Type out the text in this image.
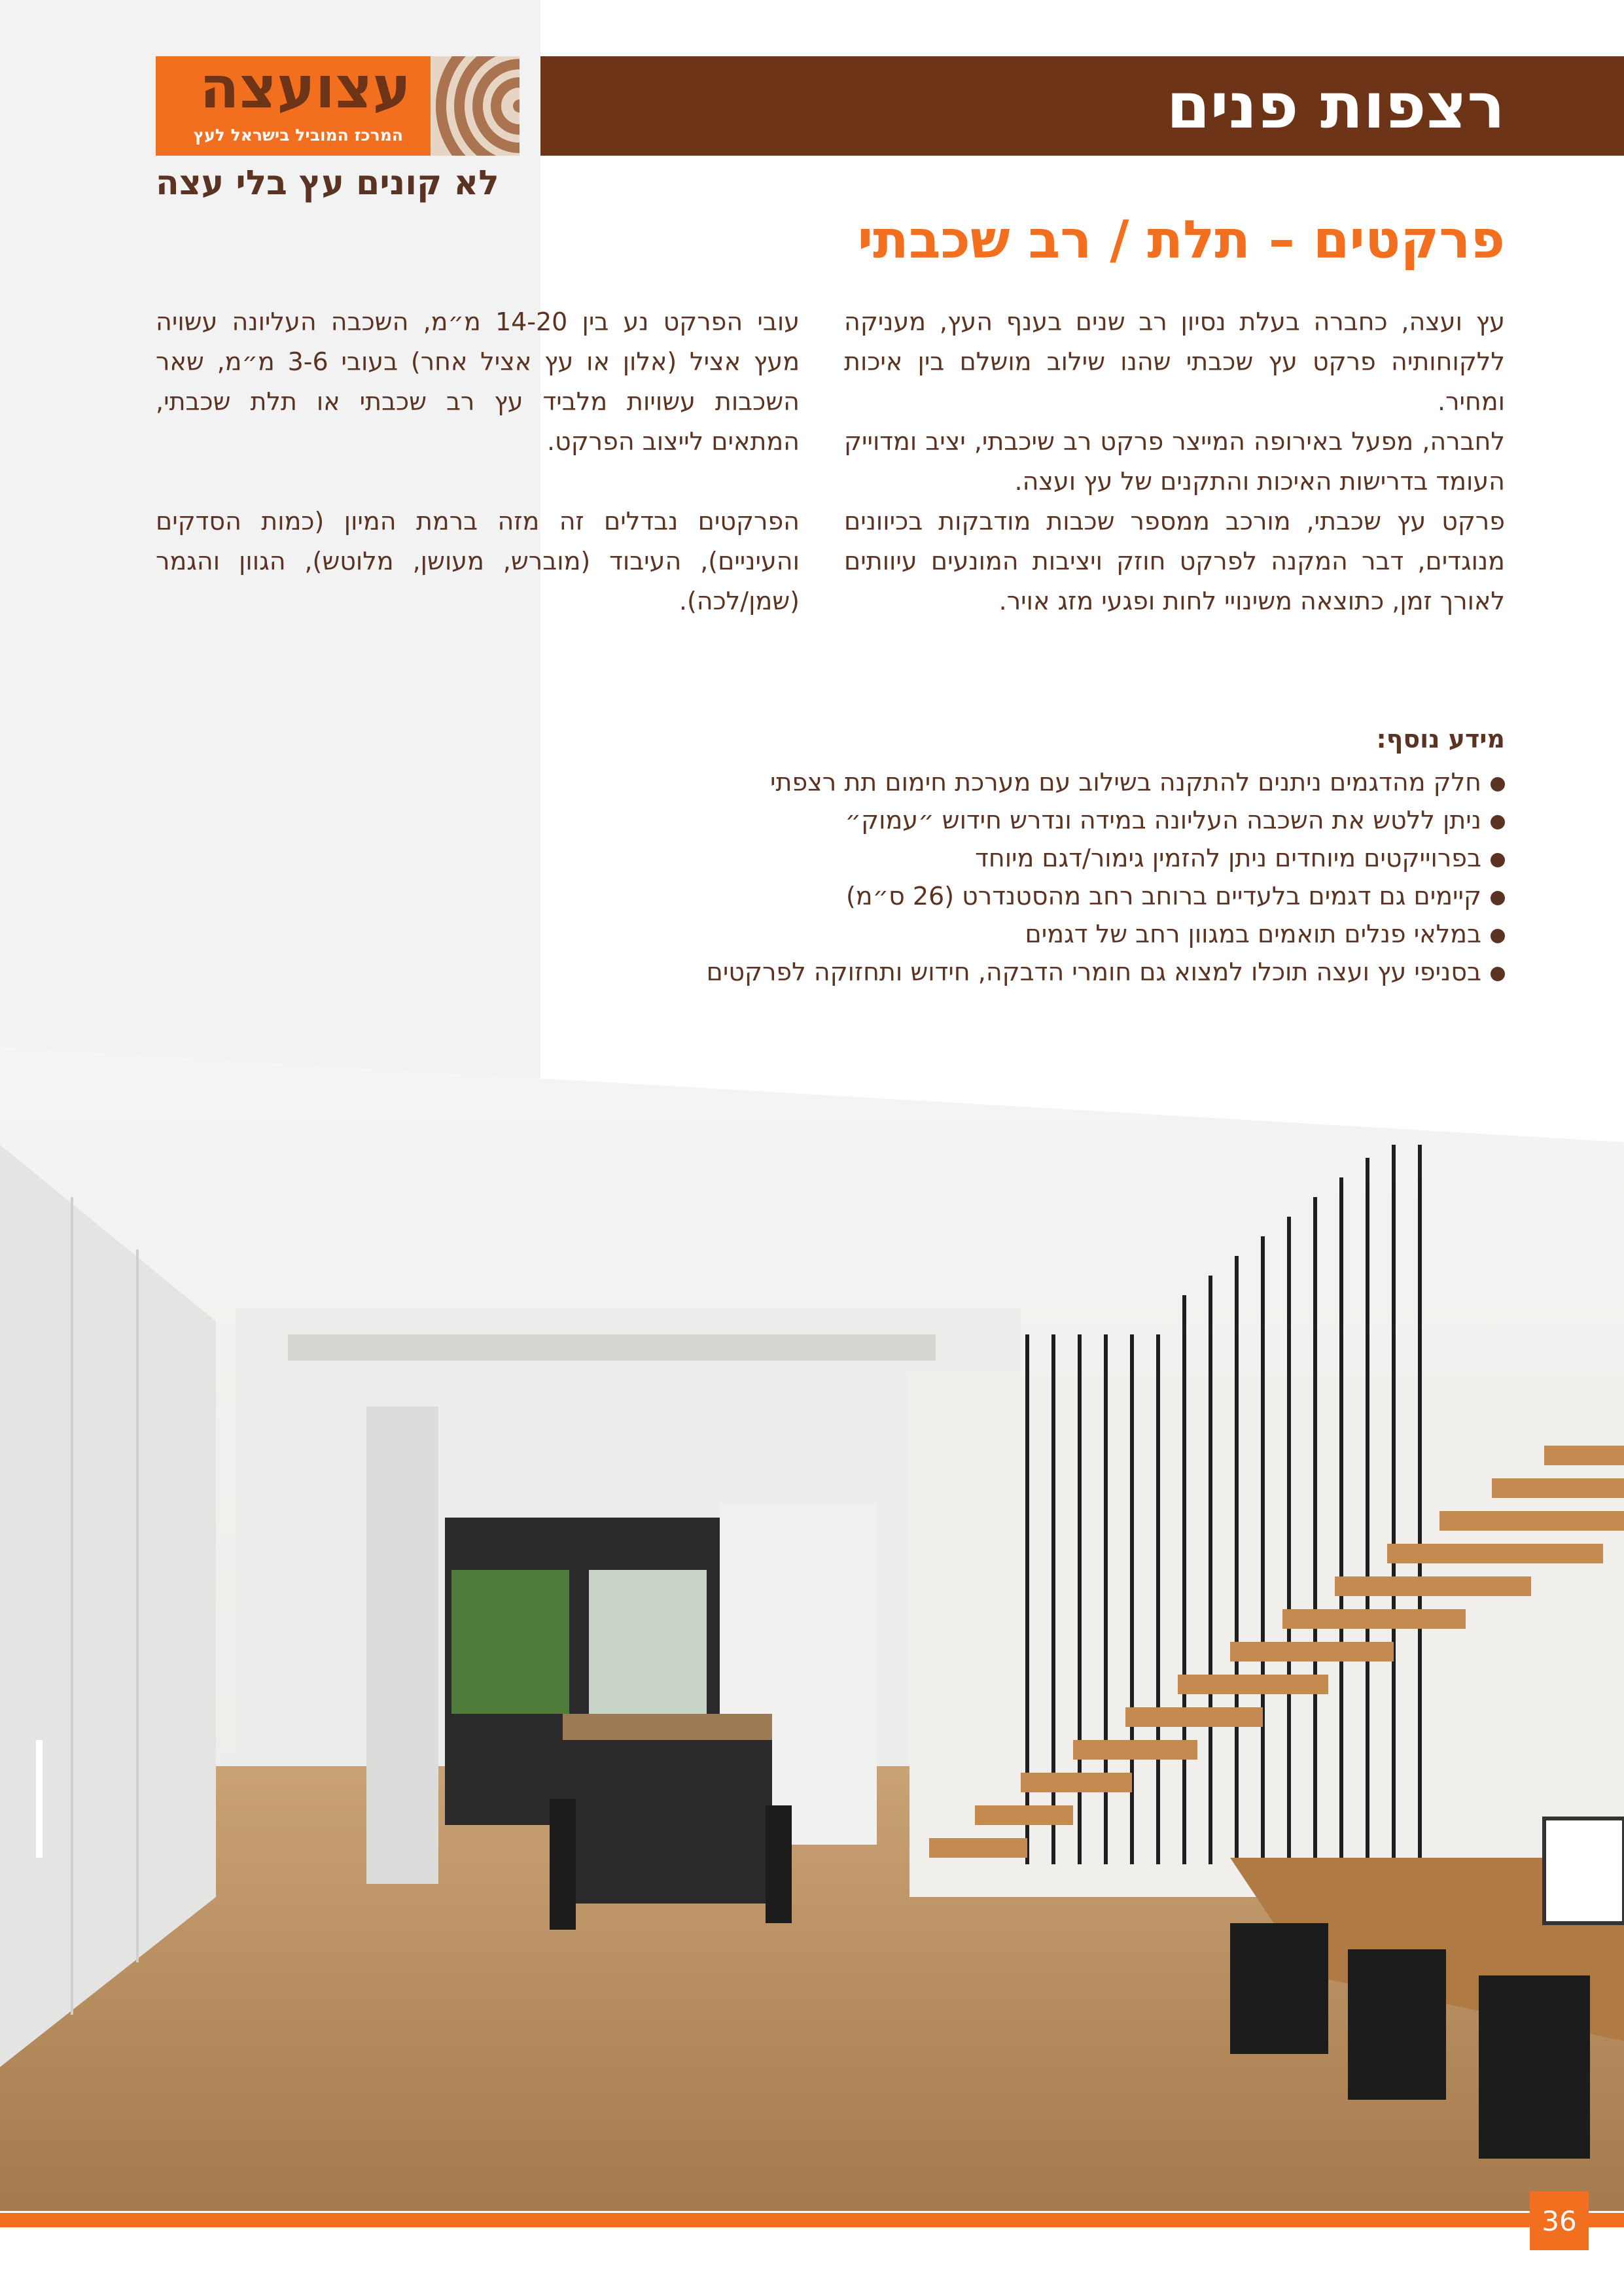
רצפות פנים
עצועצה
המרכז המוביל בישראל לעץ
לא קונים עץ בלי עצה
פרקטים – תלת / רב שכבתי

עץ ועצה, כחברה בעלת נסיון רב שנים בענף העץ, מעניקה ללקוחותיה פרקט עץ שכבתי שהנו שילוב מושלם בין איכות ומחיר.

לחברה, מפעל באירופה המייצר פרקט רב שיכבתי, יציב ומדוייק העומד בדרישות האיכות והתקנים של עץ ועצה.

פרקט עץ שכבתי, מורכב ממספר שכבות מודבקות בכיוונים מנוגדים, דבר המקנה לפרקט חוזק ויציבות המונעים עיוותים לאורך זמן, כתוצאה משינויי לחות ופגעי מזג אויר.

עובי הפרקט נע בין 14-20 מ״מ, השכבה העליונה עשויה מעץ אציל (אלון או עץ אציל אחר) בעובי 3-6 מ״מ, שאר השכבות עשויות מלביד עץ רב שכבתי או תלת שכבתי, המתאים לייצוב הפרקט.

הפרקטים נבדלים זה מזה ברמת המיון (כמות הסדקים והעיניים), העיבוד (מוברש, מעושן, מלוטש), הגוון והגמר (שמן/לכה).

מידע נוסף:
חלק מהדגמים ניתנים להתקנה בשילוב עם מערכת חימום תת רצפתי
ניתן ללטש את השכבה העליונה במידה ונדרש חידוש ״עמוק״
בפרוייקטים מיוחדים ניתן להזמין גימור/דגם מיוחד
קיימים גם דגמים בלעדיים ברוחב רחב מהסטנדרט (26 ס״מ)
במלאי פנלים תואמים במגוון רחב של דגמים
בסניפי עץ ועצה תוכלו למצוא גם חומרי הדבקה, חידוש ותחזוקה לפרקטים
36
